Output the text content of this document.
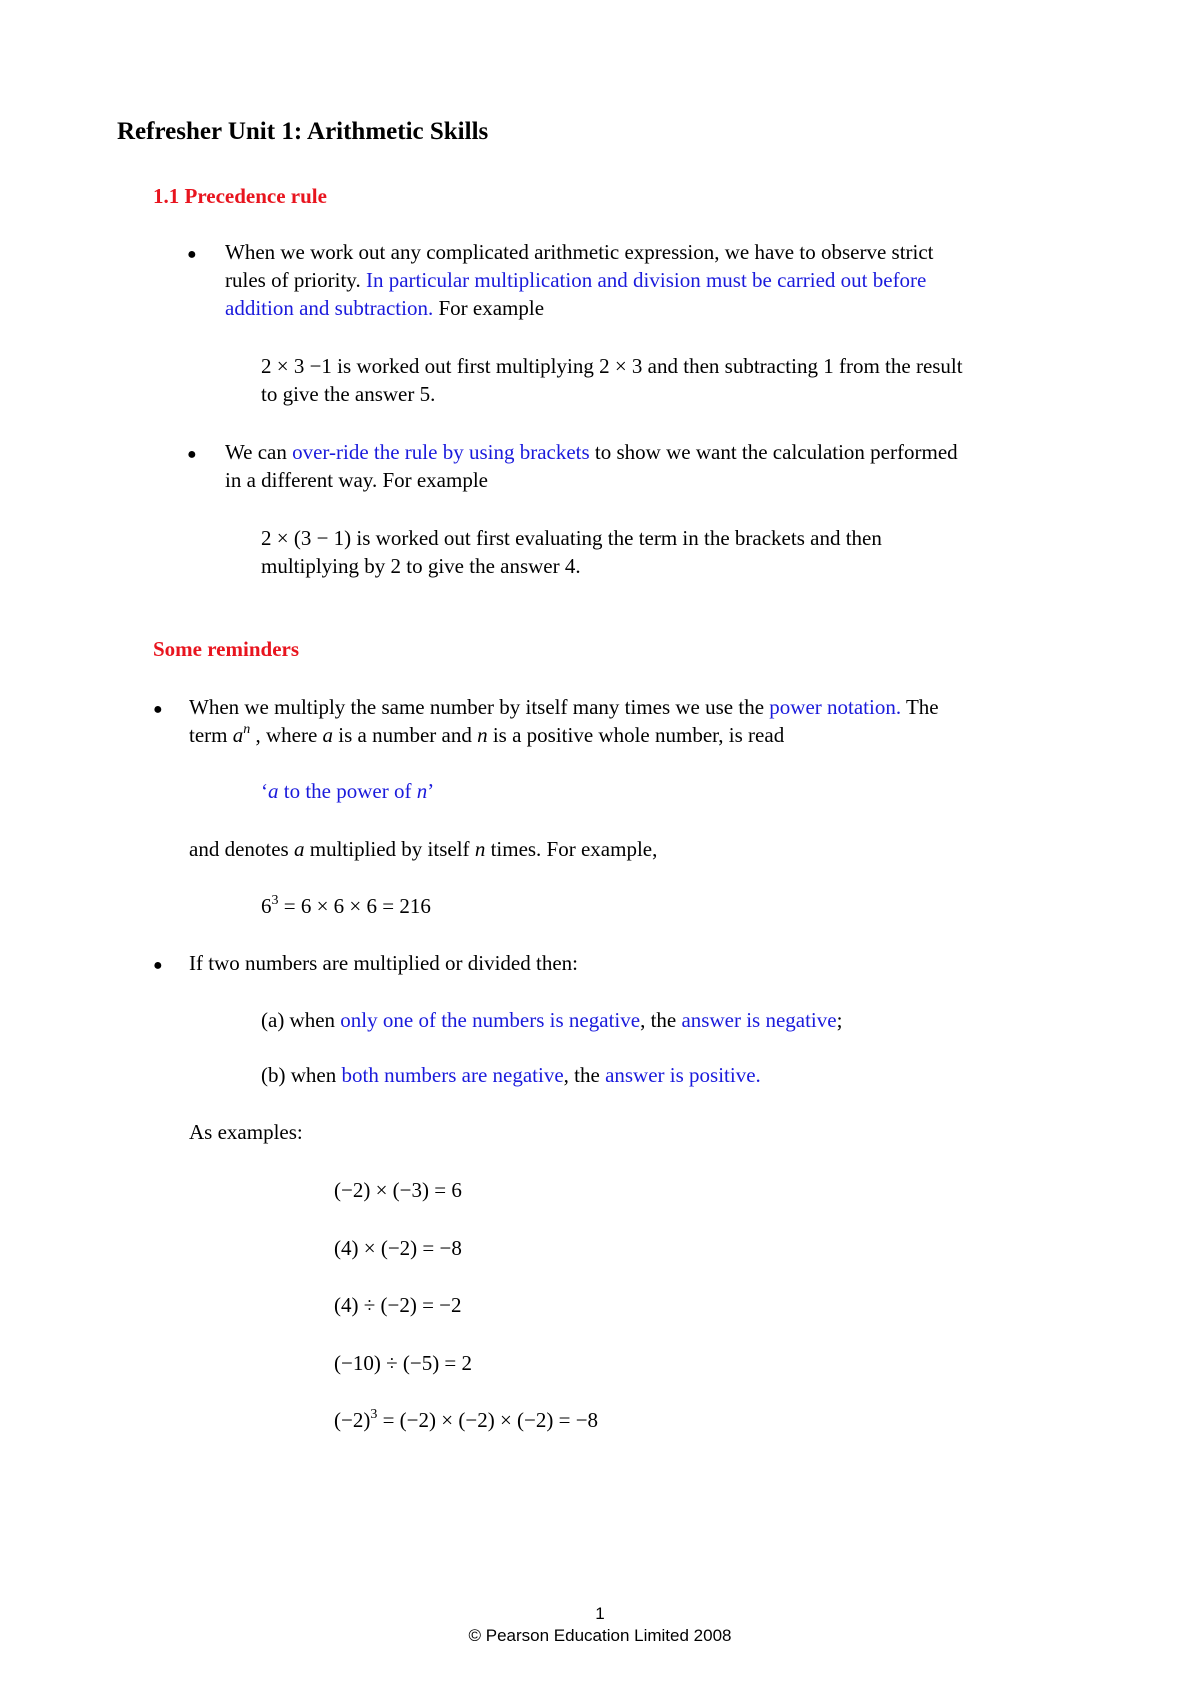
Refresher Unit 1: Arithmetic Skills
1.1 Precedence rule
● When we work out any complicated arithmetic expression, we have to observe strict
rules of priority. In particular multiplication and division must be carried out before
addition and subtraction. For example
2 × 3 −1 is worked out first multiplying 2 × 3 and then subtracting 1 from the result
to give the answer 5.
● We can over-ride the rule by using brackets to show we want the calculation performed
in a different way. For example
2 × (3 − 1) is worked out first evaluating the term in the brackets and then
multiplying by 2 to give the answer 4.
Some reminders
● When we multiply the same number by itself many times we use the power notation. The
term $a^n$ , where a is a number and n is a positive whole number, is read
‘a to the power of n’
and denotes a multiplied by itself n times. For example,
$6^3 = 6 \times 6 \times 6 = 216$
● If two numbers are multiplied or divided then:
(a) when only one of the numbers is negative, the answer is negative;
(b) when both numbers are negative, the answer is positive.
As examples:
(−2) × (−3) = 6
(4) × (−2) = −8
(4) ÷ (−2) = −2
(−10) ÷ (−5) = 2
$(-2)^3 = (-2) \times (-2) \times (-2) = -8$
1
© Pearson Education Limited 2008
